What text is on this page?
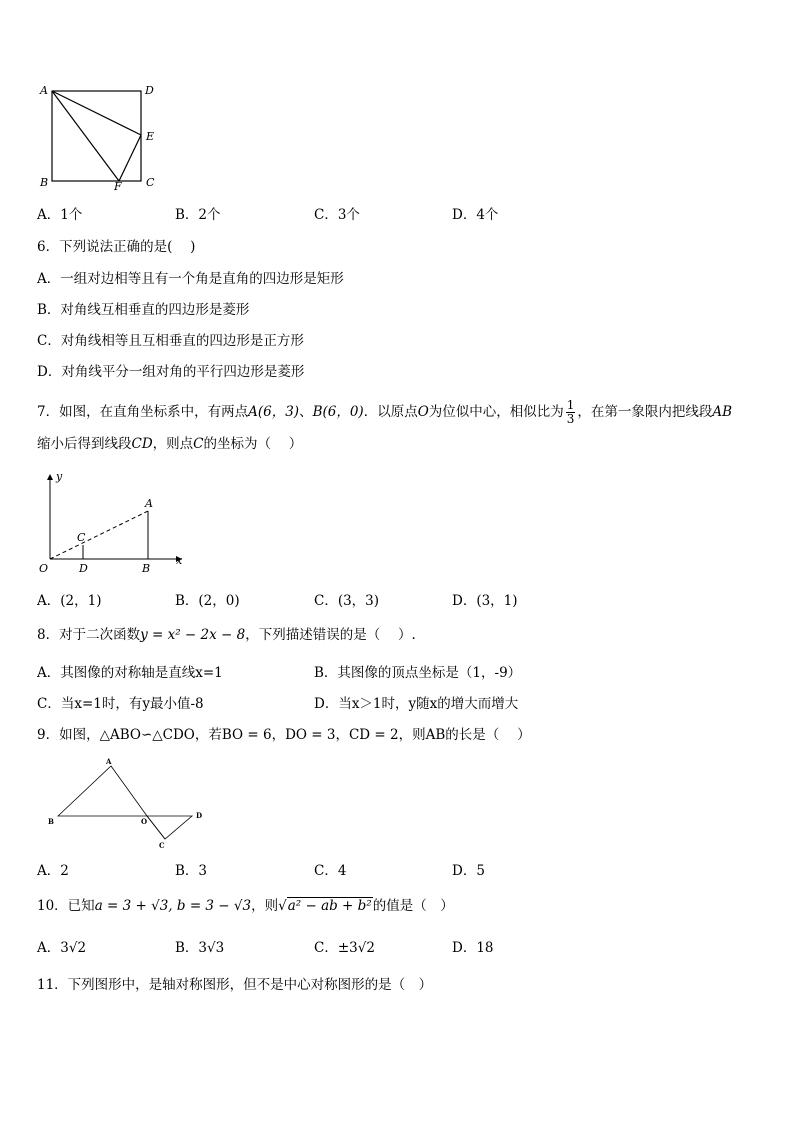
A	D
E
B	F C
A．1个	B．2个	C．3个	D．4个
6．下列说法正确的是(　 )
A．一组对边相等且有一个角是直角的四边形是矩形
B．对角线互相垂直的四边形是菱形
C．对角线相等且互相垂直的四边形是正方形
D．对角线平分一组对角的平行四边形是菱形
7．如图，在直角坐标系中，有两点A(6，3)、B(6，0)．以原点O为位似中心，相似比为 $\frac{1}{3}$ ，在第一象限内把线段AB
缩小后得到线段CD，则点C的坐标为（　 ）
y
x
O
C
D
A
B
A．(2，1)	B．(2，0)	C．(3，3)	D．(3，1)
8．对于二次函数y = x² − 2x − 8，下列描述错误的是（　 ）.
A．其图像的对称轴是直线x=1	B．其图像的顶点坐标是（1，-9）
C．当x=1时，有y最小值-8	D．当x＞1时，y随x的增大而增大
9．如图，△ABO∽△CDO，若BO = 6，DO = 3，CD = 2，则AB的长是（　 ）
A
B	O
D
C
A．2	B．3	C．4	D．5
10．已知a = 3 + √3, b = 3 − √3，则√a² − ab + b²的值是（　）
A．3√2	B．3√3	C．±3√2	D．18
11．下列图形中，是轴对称图形，但不是中心对称图形的是（　）
